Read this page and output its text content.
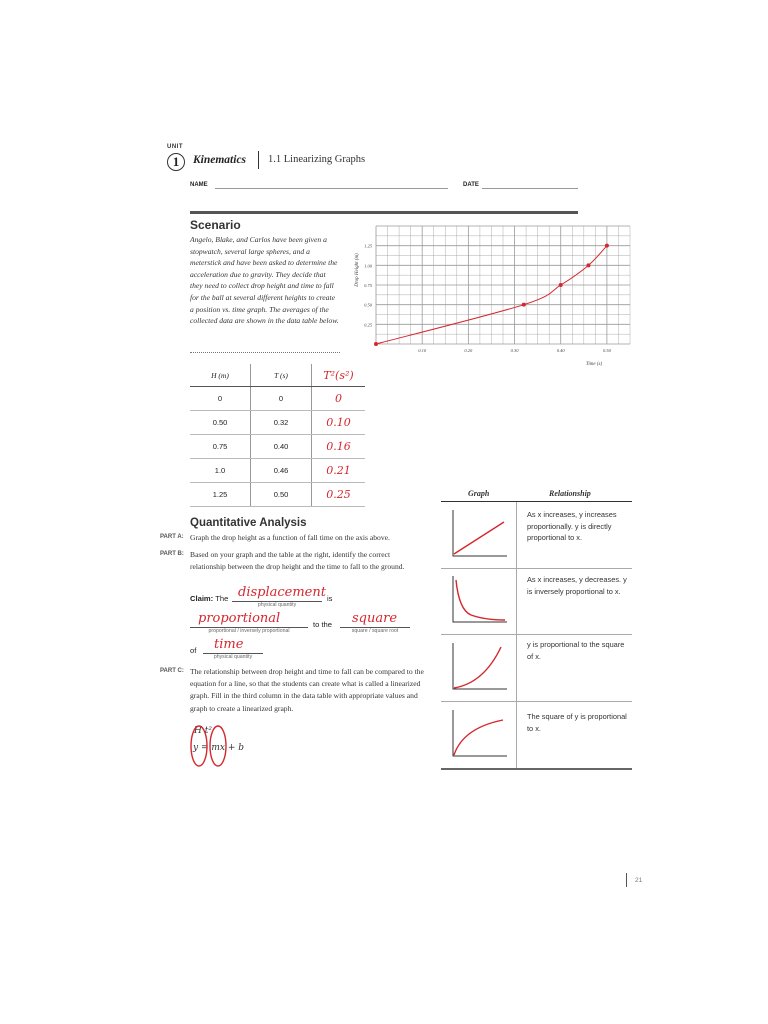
UNIT
1	Kinematics 1.1 Linearizing Graphs
NAME	DATE
Scenario
Angelo, Blake, and Carlos have been given a stopwatch, several large spheres, and a meterstick and have been asked to determine the acceleration due to gravity. They decide that they need to collect drop height and time to fall for the ball at several different heights to create a position vs. time graph. The averages of the collected data are shown in the data table below.
1.25
1.00
0.75
0.50
0.25
0.10	0.20	0.30	0.40	0.50
Drop Height (m)
Time (s)
H (m)	T (s)	T²(s²)
0	0	0
0.50	0.32	0.10
0.75	0.40	0.16
1.0	0.46	0.21
1.25	0.50	0.25
Quantitative Analysis
PART A: Graph the drop height as a function of fall time on the axis above.
PART B: Based on your graph and the table at the right, identify the correct relationship between the drop height and the time to fall to the ground.
Claim: The displacement
physical quantity
is
proportional
proportional / inversely proportional
to the square
square / square root
of time
physical quantity
PART C: The relationship between drop height and time to fall can be compared to the equation for a line, so that the students can create what is called a linearized graph. Fill in the third column in the data table with appropriate values and graph to create a linearized graph.
H t²
y = mx + b
Graph	Relationship
As x increases, y increases proportionally. y is directly proportional to x.
As x increases, y decreases. y is inversely proportional to x.
y is proportional to the square of x.
The square of y is proportional to x.
21
